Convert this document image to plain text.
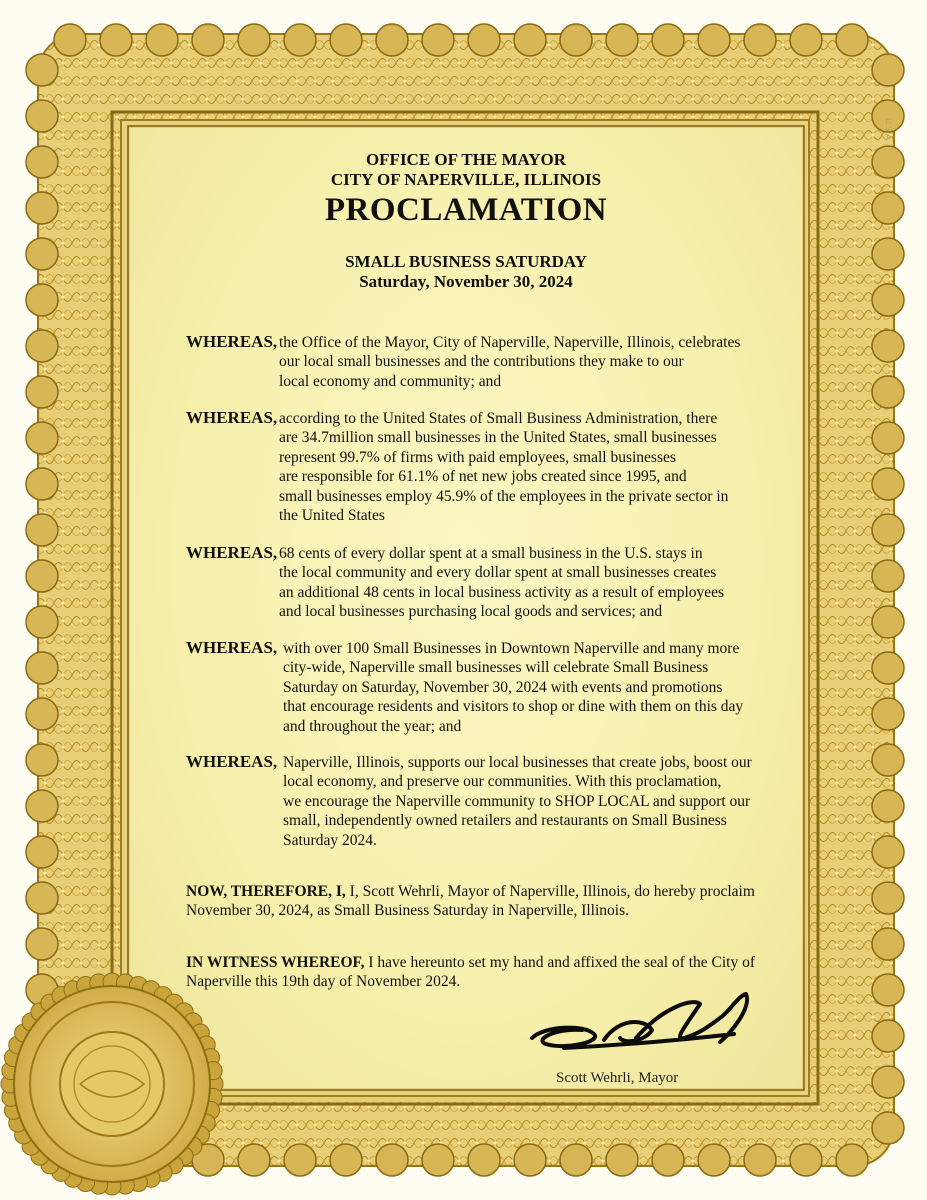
U.S.A.
OFFICE OF THE MAYOR
CITY OF NAPERVILLE, ILLINOIS
PROCLAMATION
SMALL BUSINESS SATURDAY
Saturday, November 30, 2024
WHEREAS, the Office of the Mayor, City of Naperville, Naperville, Illinois, celebrates
our local small businesses and the contributions they make to our
local economy and community; and
WHEREAS, according to the United States of Small Business Administration, there
are 34.7million small businesses in the United States, small businesses
represent 99.7% of firms with paid employees, small businesses
are responsible for 61.1% of net new jobs created since 1995, and
small businesses employ 45.9% of the employees in the private sector in
the United States
WHEREAS, 68 cents of every dollar spent at a small business in the U.S. stays in
the local community and every dollar spent at small businesses creates
an additional 48 cents in local business activity as a result of employees
and local businesses purchasing local goods and services; and
WHEREAS, with over 100 Small Businesses in Downtown Naperville and many more
city-wide, Naperville small businesses will celebrate Small Business
Saturday on Saturday, November 30, 2024 with events and promotions
that encourage residents and visitors to shop or dine with them on this day
and throughout the year; and
WHEREAS, Naperville, Illinois, supports our local businesses that create jobs, boost our
local economy, and preserve our communities. With this proclamation,
we encourage the Naperville community to SHOP LOCAL and support our
small, independently owned retailers and restaurants on Small Business
Saturday 2024.
NOW, THEREFORE, I, I, Scott Wehrli, Mayor of Naperville, Illinois, do hereby proclaim
November 30, 2024, as Small Business Saturday in Naperville, Illinois.
IN WITNESS WHEREOF, I have hereunto set my hand and affixed the seal of the City of
Naperville this 19th day of November 2024.
Scott Wehrli, Mayor
